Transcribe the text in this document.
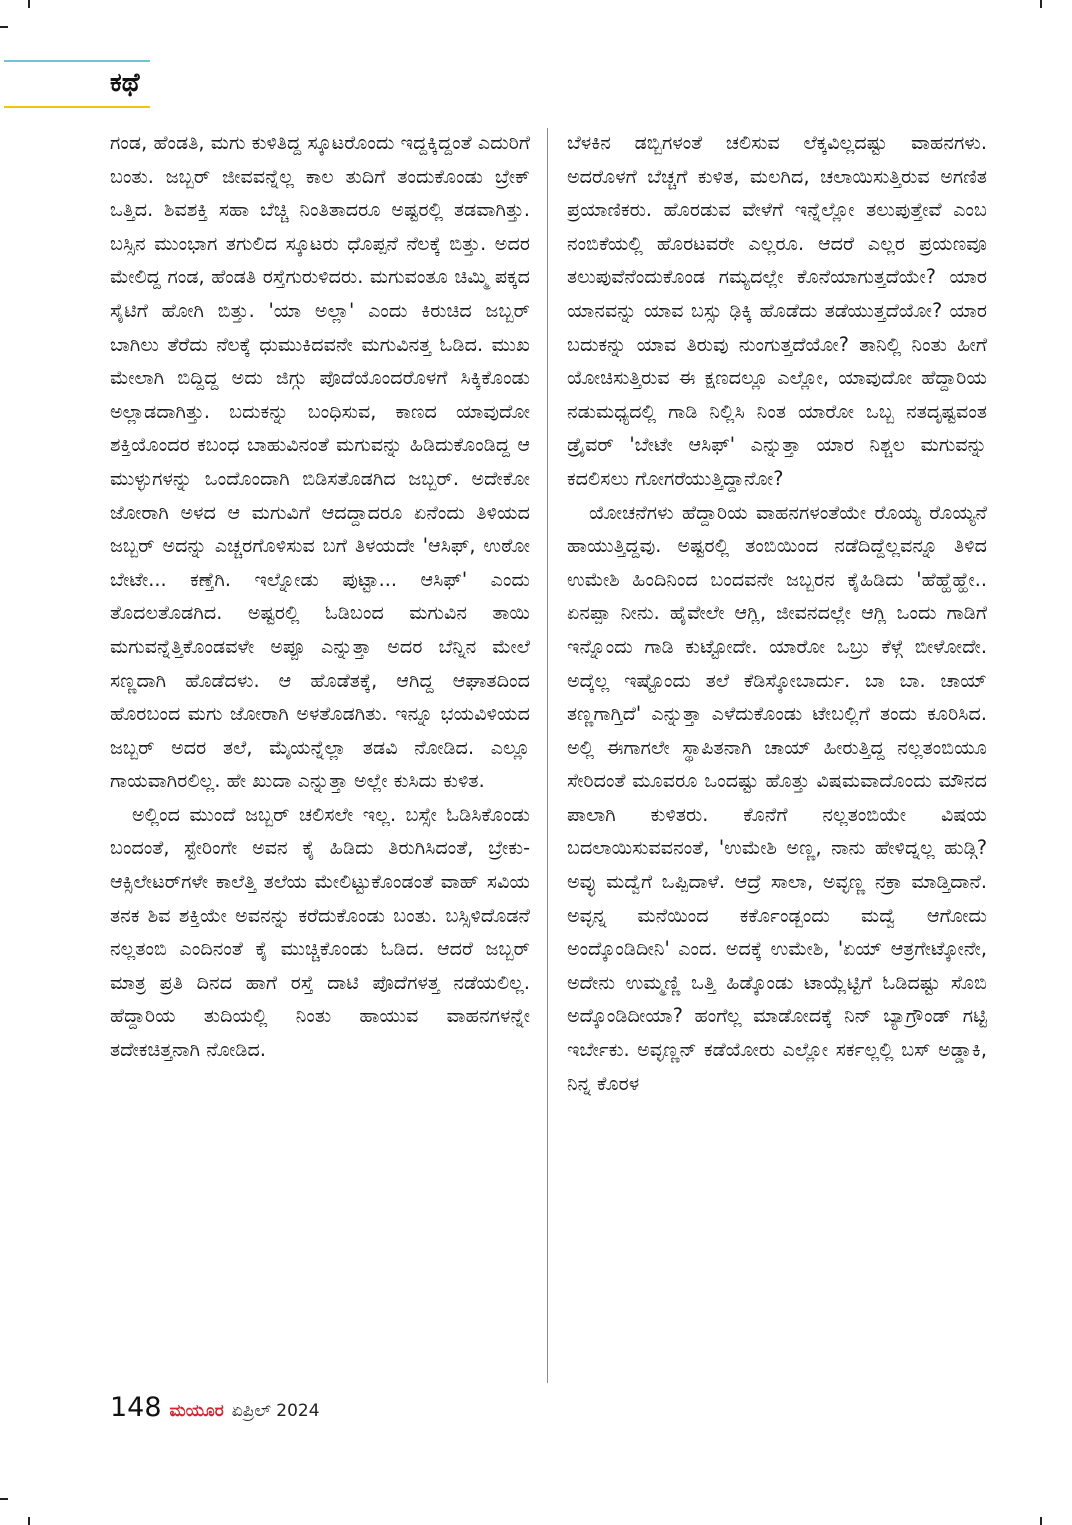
ಕಥೆ

ಗಂಡ, ಹೆಂಡತಿ, ಮಗು ಕುಳಿತಿದ್ದ ಸ್ಕೂಟರೊಂದು ಇದ್ದಕ್ಕಿದ್ದಂತೆ ಎದುರಿಗೆ ಬಂತು. ಜಬ್ಬರ್ ಜೀವವನ್ನೆಲ್ಲ ಕಾಲ ತುದಿಗೆ ತಂದುಕೊಂಡು ಬ್ರೇಕ್ ಒತ್ತಿದ. ಶಿವಶಕ್ತಿ ಸಹಾ ಬೆಚ್ಚಿ ನಿಂತಿತಾದರೂ ಅಷ್ಟರಲ್ಲಿ ತಡವಾಗಿತ್ತು. ಬಸ್ಸಿನ ಮುಂಭಾಗ ತಗುಲಿದ ಸ್ಕೂಟರು ಧೊಪ್ಪನೆ ನೆಲಕ್ಕೆ ಬಿತ್ತು. ಅದರ ಮೇಲಿದ್ದ ಗಂಡ, ಹೆಂಡತಿ ರಸ್ತೆಗುರುಳಿದರು. ಮಗುವಂತೂ ಚಿಮ್ಮಿ ಪಕ್ಕದ ಸೈಟಿಗೆ ಹೋಗಿ ಬಿತ್ತು. 'ಯಾ ಅಲ್ಲಾ' ಎಂದು ಕಿರುಚಿದ ಜಬ್ಬರ್ ಬಾಗಿಲು ತೆರೆದು ನೆಲಕ್ಕೆ ಧುಮುಕಿದವನೇ ಮಗುವಿನತ್ತ ಓಡಿದ. ಮುಖ ಮೇಲಾಗಿ ಬಿದ್ದಿದ್ದ ಅದು ಜಿಗ್ಗು ಪೊದೆಯೊಂದರೊಳಗೆ ಸಿಕ್ಕಿಕೊಂಡು ಅಲ್ಲಾಡದಾಗಿತ್ತು. ಬದುಕನ್ನು ಬಂಧಿಸುವ, ಕಾಣದ ಯಾವುದೋ ಶಕ್ತಿಯೊಂದರ ಕಬಂಧ ಬಾಹುವಿನಂತೆ ಮಗುವನ್ನು ಹಿಡಿದುಕೊಂಡಿದ್ದ ಆ ಮುಳ್ಳುಗಳನ್ನು ಒಂದೊಂದಾಗಿ ಬಿಡಿಸತೊಡಗಿದ ಜಬ್ಬರ್. ಅದೇಕೋ ಜೋರಾಗಿ ಅಳದ ಆ ಮಗುವಿಗೆ ಆದದ್ದಾದರೂ ಏನೆಂದು ತಿಳಿಯದ ಜಬ್ಬರ್ ಅದನ್ನು ಎಚ್ಚರಗೊಳಿಸುವ ಬಗೆ ತಿಳಯದೇ 'ಆಸಿಫ್, ಉಠೋ ಬೇಟೇ... ಕಣ್ತೆಗಿ. ಇಲ್ನೋಡು ಪುಟ್ಟಾ... ಆಸಿಫ್' ಎಂದು ತೊದಲತೊಡಗಿದ. ಅಷ್ಟರಲ್ಲಿ ಓಡಿಬಂದ ಮಗುವಿನ ತಾಯಿ ಮಗುವನ್ನೆತ್ತಿಕೊಂಡವಳೇ ಅಪ್ಪೂ ಎನ್ನುತ್ತಾ ಅದರ ಬೆನ್ನಿನ ಮೇಲೆ ಸಣ್ಣದಾಗಿ ಹೊಡೆದಳು. ಆ ಹೊಡೆತಕ್ಕೆ, ಆಗಿದ್ದ ಆಘಾತದಿಂದ ಹೊರಬಂದ ಮಗು ಜೋರಾಗಿ ಅಳತೊಡಗಿತು. ಇನ್ನೂ ಭಯವಿಳಿಯದ ಜಬ್ಬರ್ ಅದರ ತಲೆ, ಮೈಯನ್ನೆಲ್ಲಾ ತಡವಿ ನೋಡಿದ. ಎಲ್ಲೂ ಗಾಯವಾಗಿರಲಿಲ್ಲ. ಹೇ ಖುದಾ ಎನ್ನುತ್ತಾ ಅಲ್ಲೇ ಕುಸಿದು ಕುಳಿತ.

ಅಲ್ಲಿಂದ ಮುಂದೆ ಜಬ್ಬರ್ ಚಲಿಸಲೇ ಇಲ್ಲ. ಬಸ್ಸೇ ಓಡಿಸಿಕೊಂಡು ಬಂದಂತೆ, ಸ್ಟೇರಿಂಗೇ ಅವನ ಕೈ ಹಿಡಿದು ತಿರುಗಿಸಿದಂತೆ, ಬ್ರೇಕು-ಆಕ್ಸಿಲೇಟರ್‌ಗಳೇ ಕಾಲೆತ್ತಿ ತಲೆಯ ಮೇಲಿಟ್ಟುಕೊಂಡಂತೆ ವಾಹ್ ಸವಿಯ ತನಕ ಶಿವ ಶಕ್ತಿಯೇ ಅವನನ್ನು ಕರೆದುಕೊಂಡು ಬಂತು. ಬಸ್ಸಿಳಿದೊಡನೆ ನಲ್ಲತಂಬಿ ಎಂದಿನಂತೆ ಕೈ ಮುಚ್ಚಿಕೊಂಡು ಓಡಿದ. ಆದರೆ ಜಬ್ಬರ್ ಮಾತ್ರ ಪ್ರತಿ ದಿನದ ಹಾಗೆ ರಸ್ತೆ ದಾಟಿ ಪೊದೆಗಳತ್ತ ನಡೆಯಲಿಲ್ಲ. ಹೆದ್ದಾರಿಯ ತುದಿಯಲ್ಲಿ ನಿಂತು ಹಾಯುವ ವಾಹನಗಳನ್ನೇ ತದೇಕಚಿತ್ತನಾಗಿ ನೋಡಿದ.

ಬೆಳಕಿನ ಡಬ್ಬಿಗಳಂತೆ ಚಲಿಸುವ ಲೆಕ್ಕವಿಲ್ಲದಷ್ಟು ವಾಹನಗಳು. ಅದರೊಳಗೆ ಬೆಚ್ಚಗೆ ಕುಳಿತ, ಮಲಗಿದ, ಚಲಾಯಿಸುತ್ತಿರುವ ಅಗಣಿತ ಪ್ರಯಾಣಿಕರು. ಹೊರಡುವ ವೇಳೆಗೆ ಇನ್ನೆಲ್ಲೋ ತಲುಪುತ್ತೇವೆ ಎಂಬ ನಂಬಿಕೆಯಲ್ಲಿ ಹೊರಟವರೇ ಎಲ್ಲರೂ. ಆದರೆ ಎಲ್ಲರ ಪ್ರಯಣವೂ ತಲುಪುವೆನೆಂದುಕೊಂಡ ಗಮ್ಯದಲ್ಲೇ ಕೊನೆಯಾಗುತ್ತದೆಯೇ? ಯಾರ ಯಾನವನ್ನು ಯಾವ ಬಸ್ಸು ಢಿಕ್ಕಿ ಹೊಡೆದು ತಡೆಯುತ್ತದೆಯೋ? ಯಾರ ಬದುಕನ್ನು ಯಾವ ತಿರುವು ನುಂಗುತ್ತದೆಯೋ? ತಾನಿಲ್ಲಿ ನಿಂತು ಹೀಗೆ ಯೋಚಿಸುತ್ತಿರುವ ಈ ಕ್ಷಣದಲ್ಲೂ ಎಲ್ಲೋ, ಯಾವುದೋ ಹೆದ್ದಾರಿಯ ನಡುಮಧ್ಯದಲ್ಲಿ ಗಾಡಿ ನಿಲ್ಲಿಸಿ ನಿಂತ ಯಾರೋ ಒಬ್ಬ ನತದೃಷ್ಟವಂತ ಡ್ರೈವರ್ 'ಬೇಟೇ ಆಸಿಫ್' ಎನ್ನುತ್ತಾ ಯಾರ ನಿಶ್ಚಲ ಮಗುವನ್ನು ಕದಲಿಸಲು ಗೋಗರೆಯುತ್ತಿದ್ದಾನೋ?

ಯೋಚನೆಗಳು ಹೆದ್ದಾರಿಯ ವಾಹನಗಳಂತೆಯೇ ರೊಯ್ಯ ರೊಯ್ಯನೆ ಹಾಯುತ್ತಿದ್ದವು. ಅಷ್ಟರಲ್ಲಿ ತಂಬಿಯಿಂದ ನಡೆದಿದ್ದೆಲ್ಲವನ್ನೂ ತಿಳಿದ ಉಮೇಶಿ ಹಿಂದಿನಿಂದ ಬಂದವನೇ ಜಬ್ಬರನ ಕೈಹಿಡಿದು 'ಹೆಹ್ಹೆಹ್ಹೇ.. ಏನಪ್ಪಾ ನೀನು. ಹೈವೇಲೇ ಆಗ್ಲಿ, ಜೀವನದಲ್ಲೇ ಆಗ್ಲಿ ಒಂದು ಗಾಡಿಗೆ ಇನ್ನೊಂದು ಗಾಡಿ ಕುಟ್ಟೋದೇ. ಯಾರೋ ಒಬ್ರು ಕೆಳ್ಗೆ ಬೀಳೋದೇ. ಅದ್ಕೆಲ್ಲ ಇಷ್ಟೊಂದು ತಲೆ ಕೆಡಿಸ್ಕೋಬಾರ್ದು. ಬಾ ಬಾ. ಚಾಯ್ ತಣ್ಣಗಾಗ್ತಿದೆ' ಎನ್ನುತ್ತಾ ಎಳೆದುಕೊಂಡು ಟೇಬಲ್ಲಿಗೆ ತಂದು ಕೂರಿಸಿದ. ಅಲ್ಲಿ ಈಗಾಗಲೇ ಸ್ಥಾಪಿತನಾಗಿ ಚಾಯ್ ಹೀರುತ್ತಿದ್ದ ನಲ್ಲತಂಬಿಯೂ ಸೇರಿದಂತೆ ಮೂವರೂ ಒಂದಷ್ಟು ಹೊತ್ತು ವಿಷಮವಾದೊಂದು ಮೌನದ ಪಾಲಾಗಿ ಕುಳಿತರು. ಕೊನೆಗೆ ನಲ್ಲತಂಬಿಯೇ ವಿಷಯ ಬದಲಾಯಿಸುವವನಂತೆ, 'ಉಮೇಶಿ ಅಣ್ಣ, ನಾನು ಹೇಳಿದ್ನಲ್ಲ ಹುಡ್ಗಿ? ಅವ್ಳು ಮದ್ವೆಗೆ ಒಪ್ಪಿದಾಳೆ. ಆದ್ರೆ ಸಾಲಾ, ಅವ್ಳಣ್ಣ ನಕ್ರಾ ಮಾಡ್ತಿದಾನೆ. ಅವ್ಳನ್ನ ಮನೆಯಿಂದ ಕರ್ಕೊಂಡ್ಬಂದು ಮದ್ವೆ ಆಗೋದು ಅಂದ್ಕೊಂಡಿದೀನಿ' ಎಂದ. ಅದಕ್ಕೆ ಉಮೇಶಿ, 'ಏಯ್ ಆತ್ರಗೇಟ್ಕೋನೇ, ಅದೇನು ಉಮ್ಮಣ್ಣಿ ಒತ್ತಿ ಹಿಡ್ಕೊಂಡು ಟಾಯ್ಲೆಟ್ಟಿಗೆ ಓಡಿದಷ್ಟು ಸೊಬಿ ಅದ್ಕೊಂಡಿದೀಯಾ? ಹಂಗೆಲ್ಲ ಮಾಡೋದಕ್ಕೆ ನಿನ್ ಬ್ಯಾಗ್ರೌಂಡ್ ಗಟ್ಟಿ ಇರ್ಬೇಕು. ಅವ್ಳಣ್ಣನ್ ಕಡೆಯೋರು ಎಲ್ಲೋ ಸರ್ಕಲ್ಲಲ್ಲಿ ಬಸ್ ಅಡ್ಡಾಕಿ, ನಿನ್ನ ಕೊರಳ

148 ಮಯೂರ ಏಪ್ರಿಲ್ 2024
